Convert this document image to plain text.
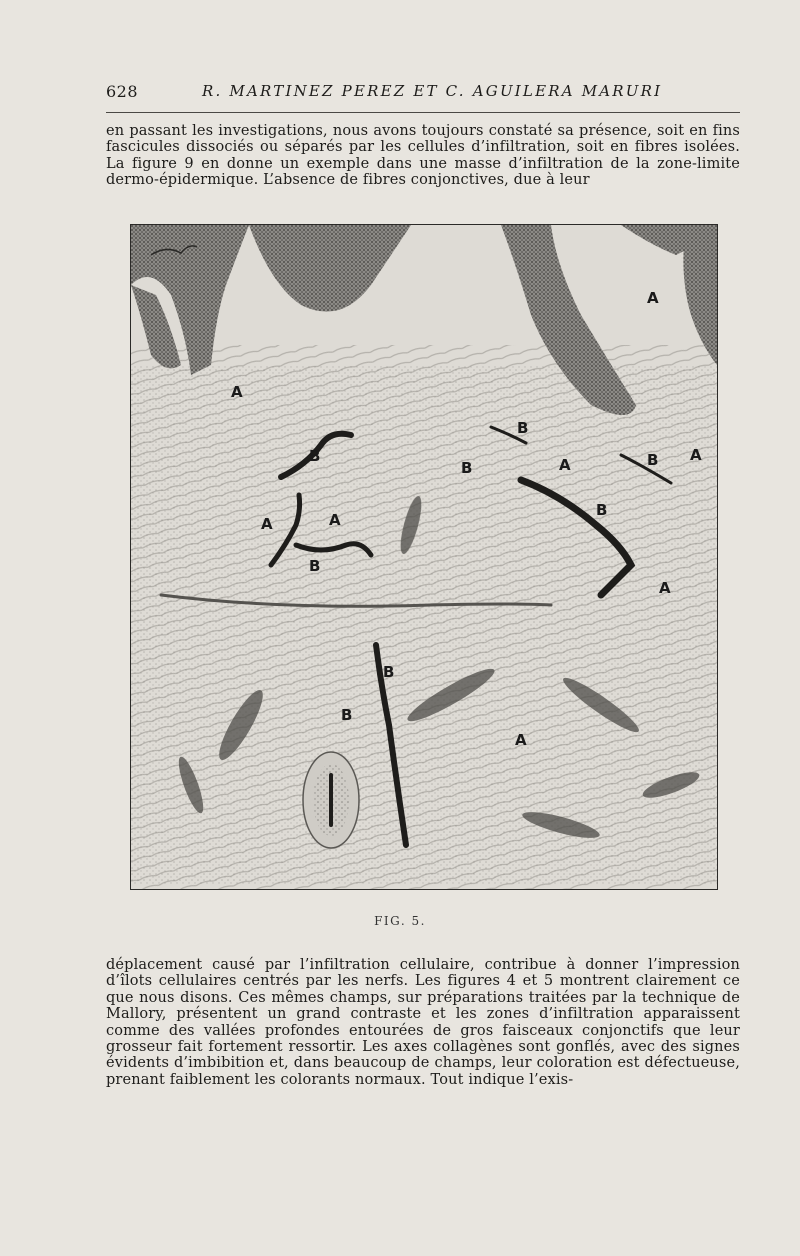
628	R. MARTINEZ PEREZ ET C. AGUILERA MARURI

en passant les investigations, nous avons toujours constaté sa présence, soit en fins fascicules dissociés ou séparés par les cellules d’infiltration, soit en fibres isolées. La figure 9 en donne un exemple dans une masse d’infiltration de la zone-limite dermo-épidermique. L’absence de fibres conjonctives, due à leur

A
A
A
A
A	A
A
A
B
B
B	B
B
B
B
B
FIG. 5.

déplacement causé par l’infiltration cellulaire, contribue à donner l’impression d’îlots cellulaires centrés par les nerfs. Les figures 4 et 5 montrent clairement ce que nous disons. Ces mêmes champs, sur préparations traitées par la technique de Mallory, présentent un grand contraste et les zones d’infiltration apparaissent comme des vallées profondes entourées de gros faisceaux conjonctifs que leur grosseur fait fortement ressortir. Les axes collagènes sont gonflés, avec des signes évidents d’imbibition et, dans beaucoup de champs, leur coloration est défectueuse, prenant faiblement les colorants normaux. Tout indique l’exis-
